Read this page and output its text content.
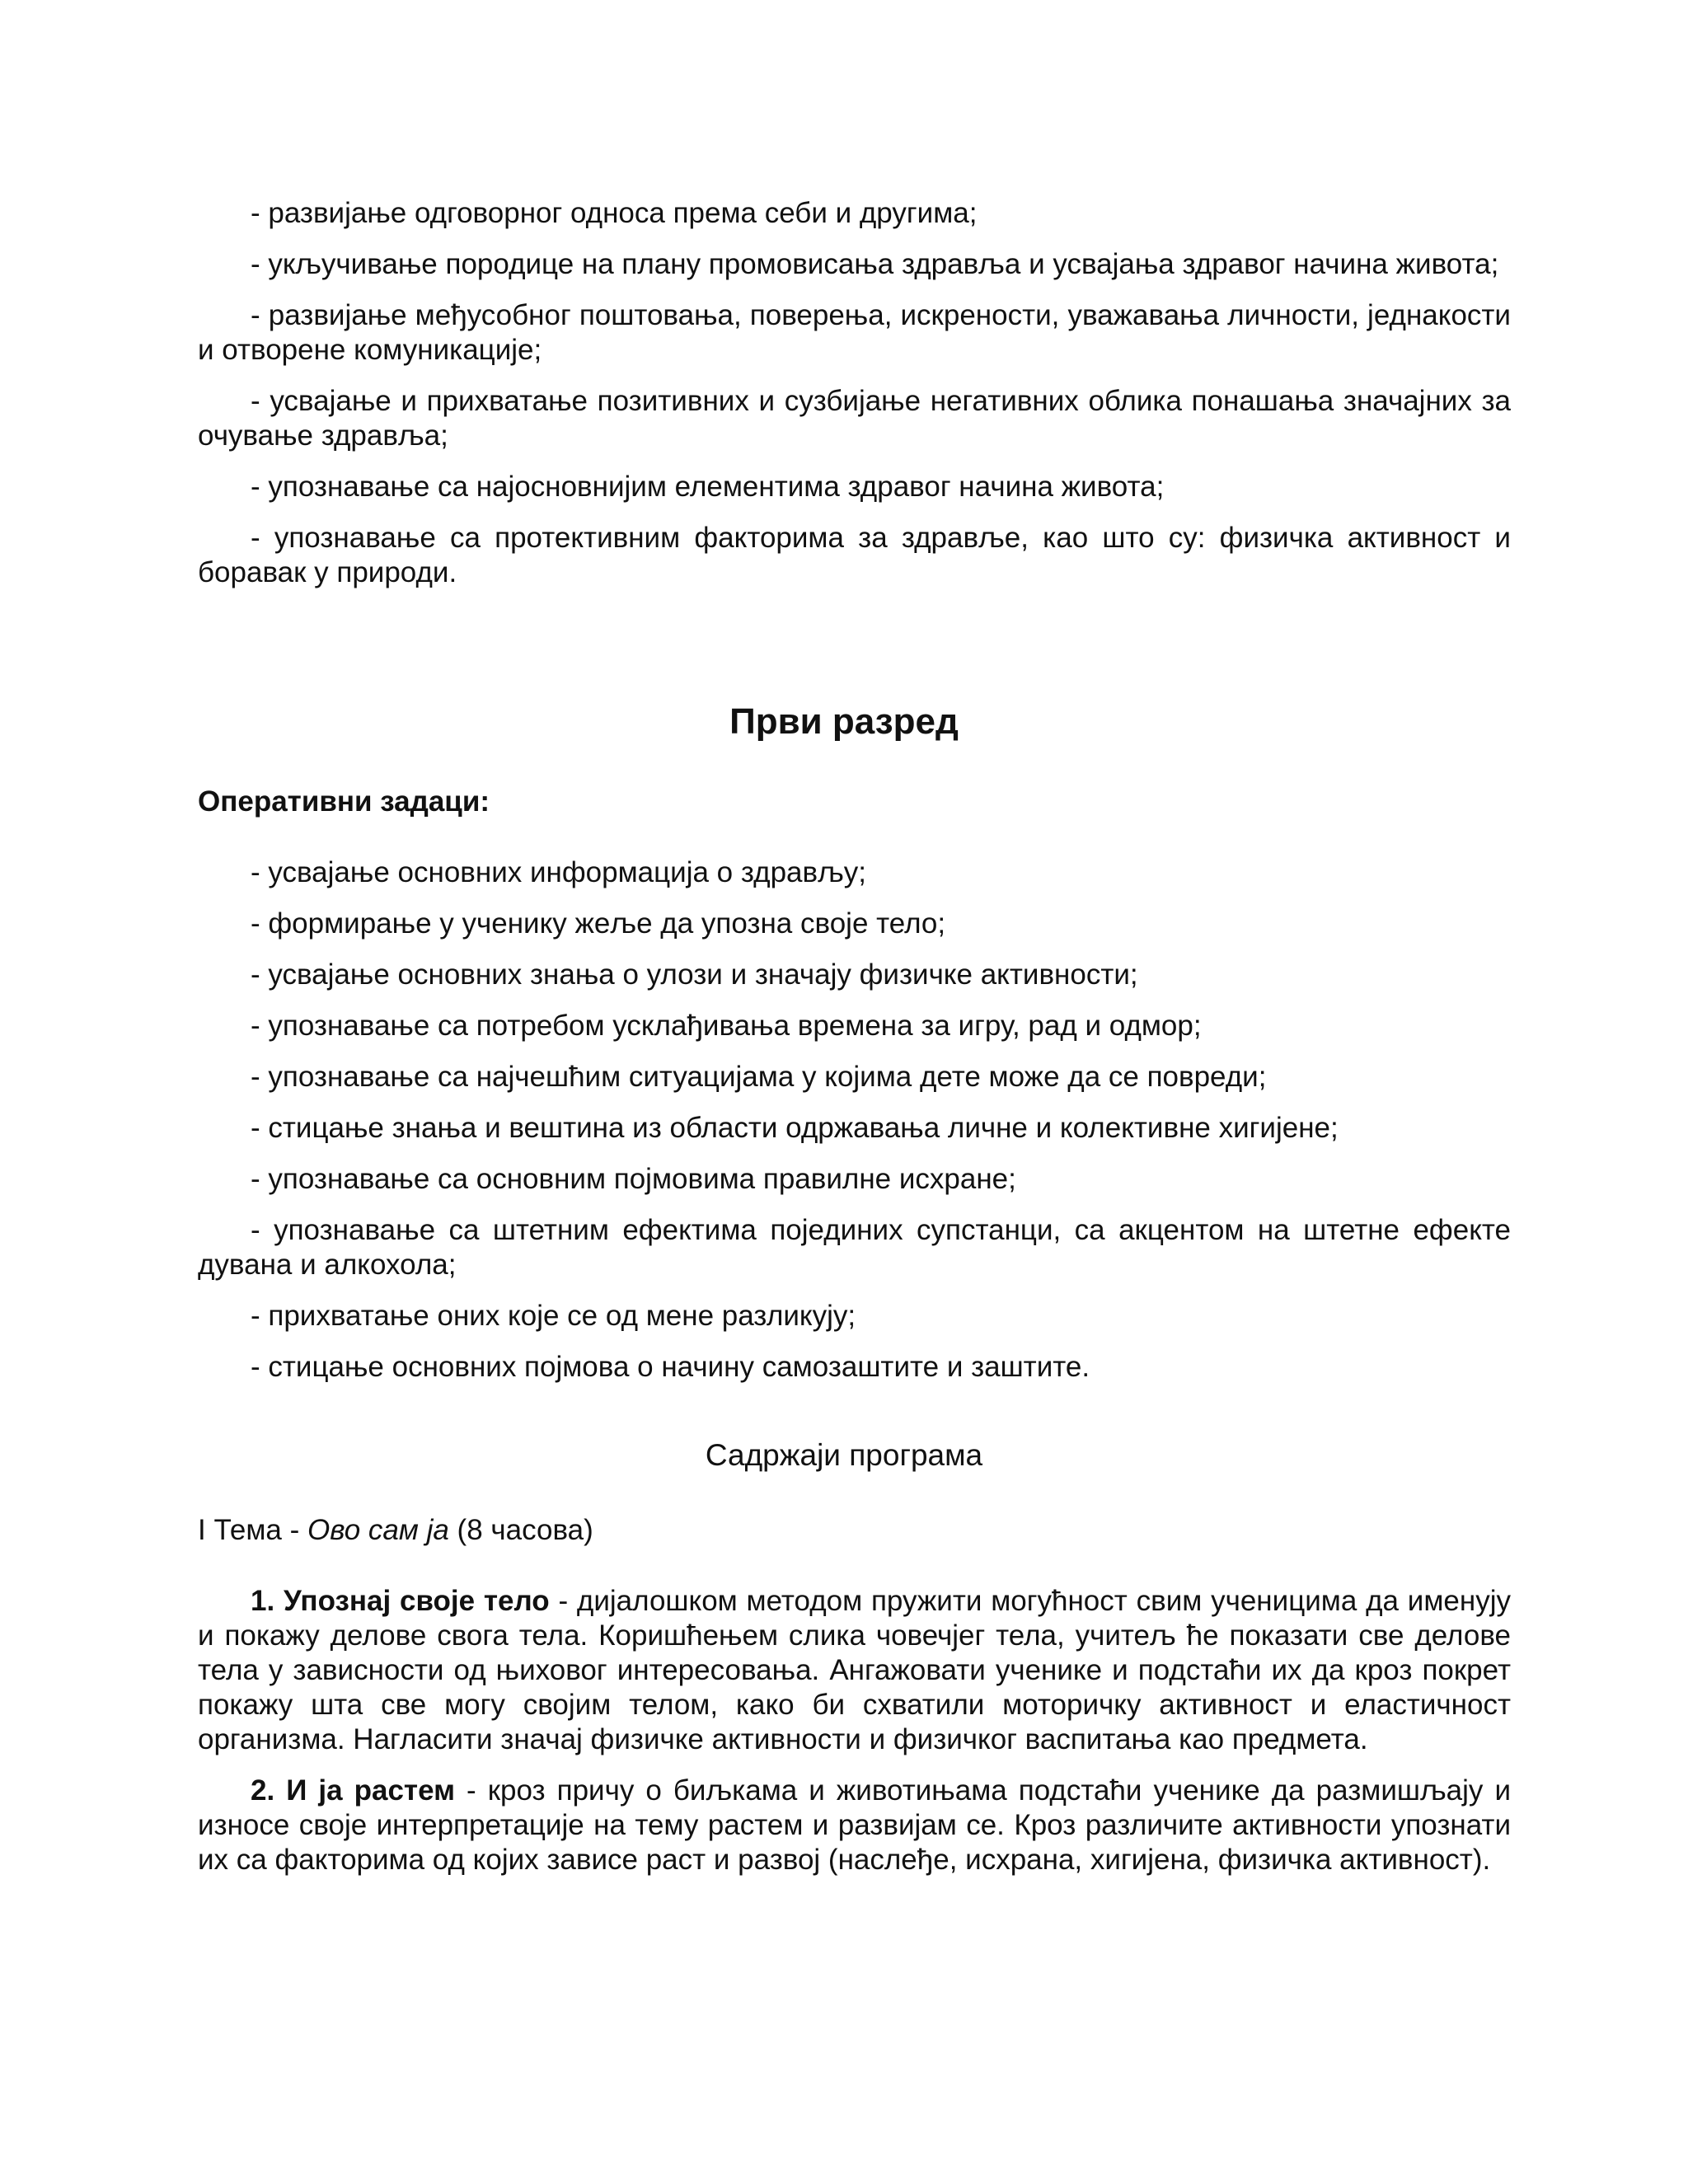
- развијање одговорног односа према себи и другима;

- укључивање породице на плану промовисања здравља и усвајања здравог начина живота;

- развијање међусобног поштовања, поверења, искрености, уважавања личности, једнакости и отворене комуникације;

- усвајање и прихватање позитивних и сузбијање негативних облика понашања значајних за очување здравља;

- упознавање са најосновнијим елементима здравог начина живота;

- упознавање са протективним факторима за здравље, као што су: физичка активност и боравак у природи.

Први разред
Оперативни задаци:

- усвајање основних информација о здрављу;

- формирање у ученику жеље да упозна своје тело;

- усвајање основних знања о улози и значају физичке активности;

- упознавање са потребом усклађивања времена за игру, рад и одмор;

- упознавање са најчешћим ситуацијама у којима дете може да се повреди;

- стицање знања и вештина из области одржавања личне и колективне хигијене;

- упознавање са основним појмовима правилне исхране;

- упознавање са штетним ефектима појединих супстанци, са акцентом на штетне ефекте дувана и алкохола;

- прихватање оних које се од мене разликују;

- стицање основних појмова о начину самозаштите и заштите.

Садржаји програма
I Тема - Ово сам ја (8 часова)

1. Упознај своје тело - дијалошком методом пружити могућност свим ученицима да именују и покажу делове свога тела. Коришћењем слика човечјег тела, учитељ ће показати све делове тела у зависности од њиховог интересовања. Ангажовати ученике и подстаћи их да кроз покрет покажу шта све могу својим телом, како би схватили моторичку активност и еластичност организма. Нагласити значај физичке активности и физичког васпитања као предмета.

2. И ја растем - кроз причу о биљкама и животињама подстаћи ученике да размишљају и износе своје интерпретације на тему растем и развијам се. Кроз различите активности упознати их са факторима од којих зависе раст и развој (наслеђе, исхрана, хигијена, физичка активност).
